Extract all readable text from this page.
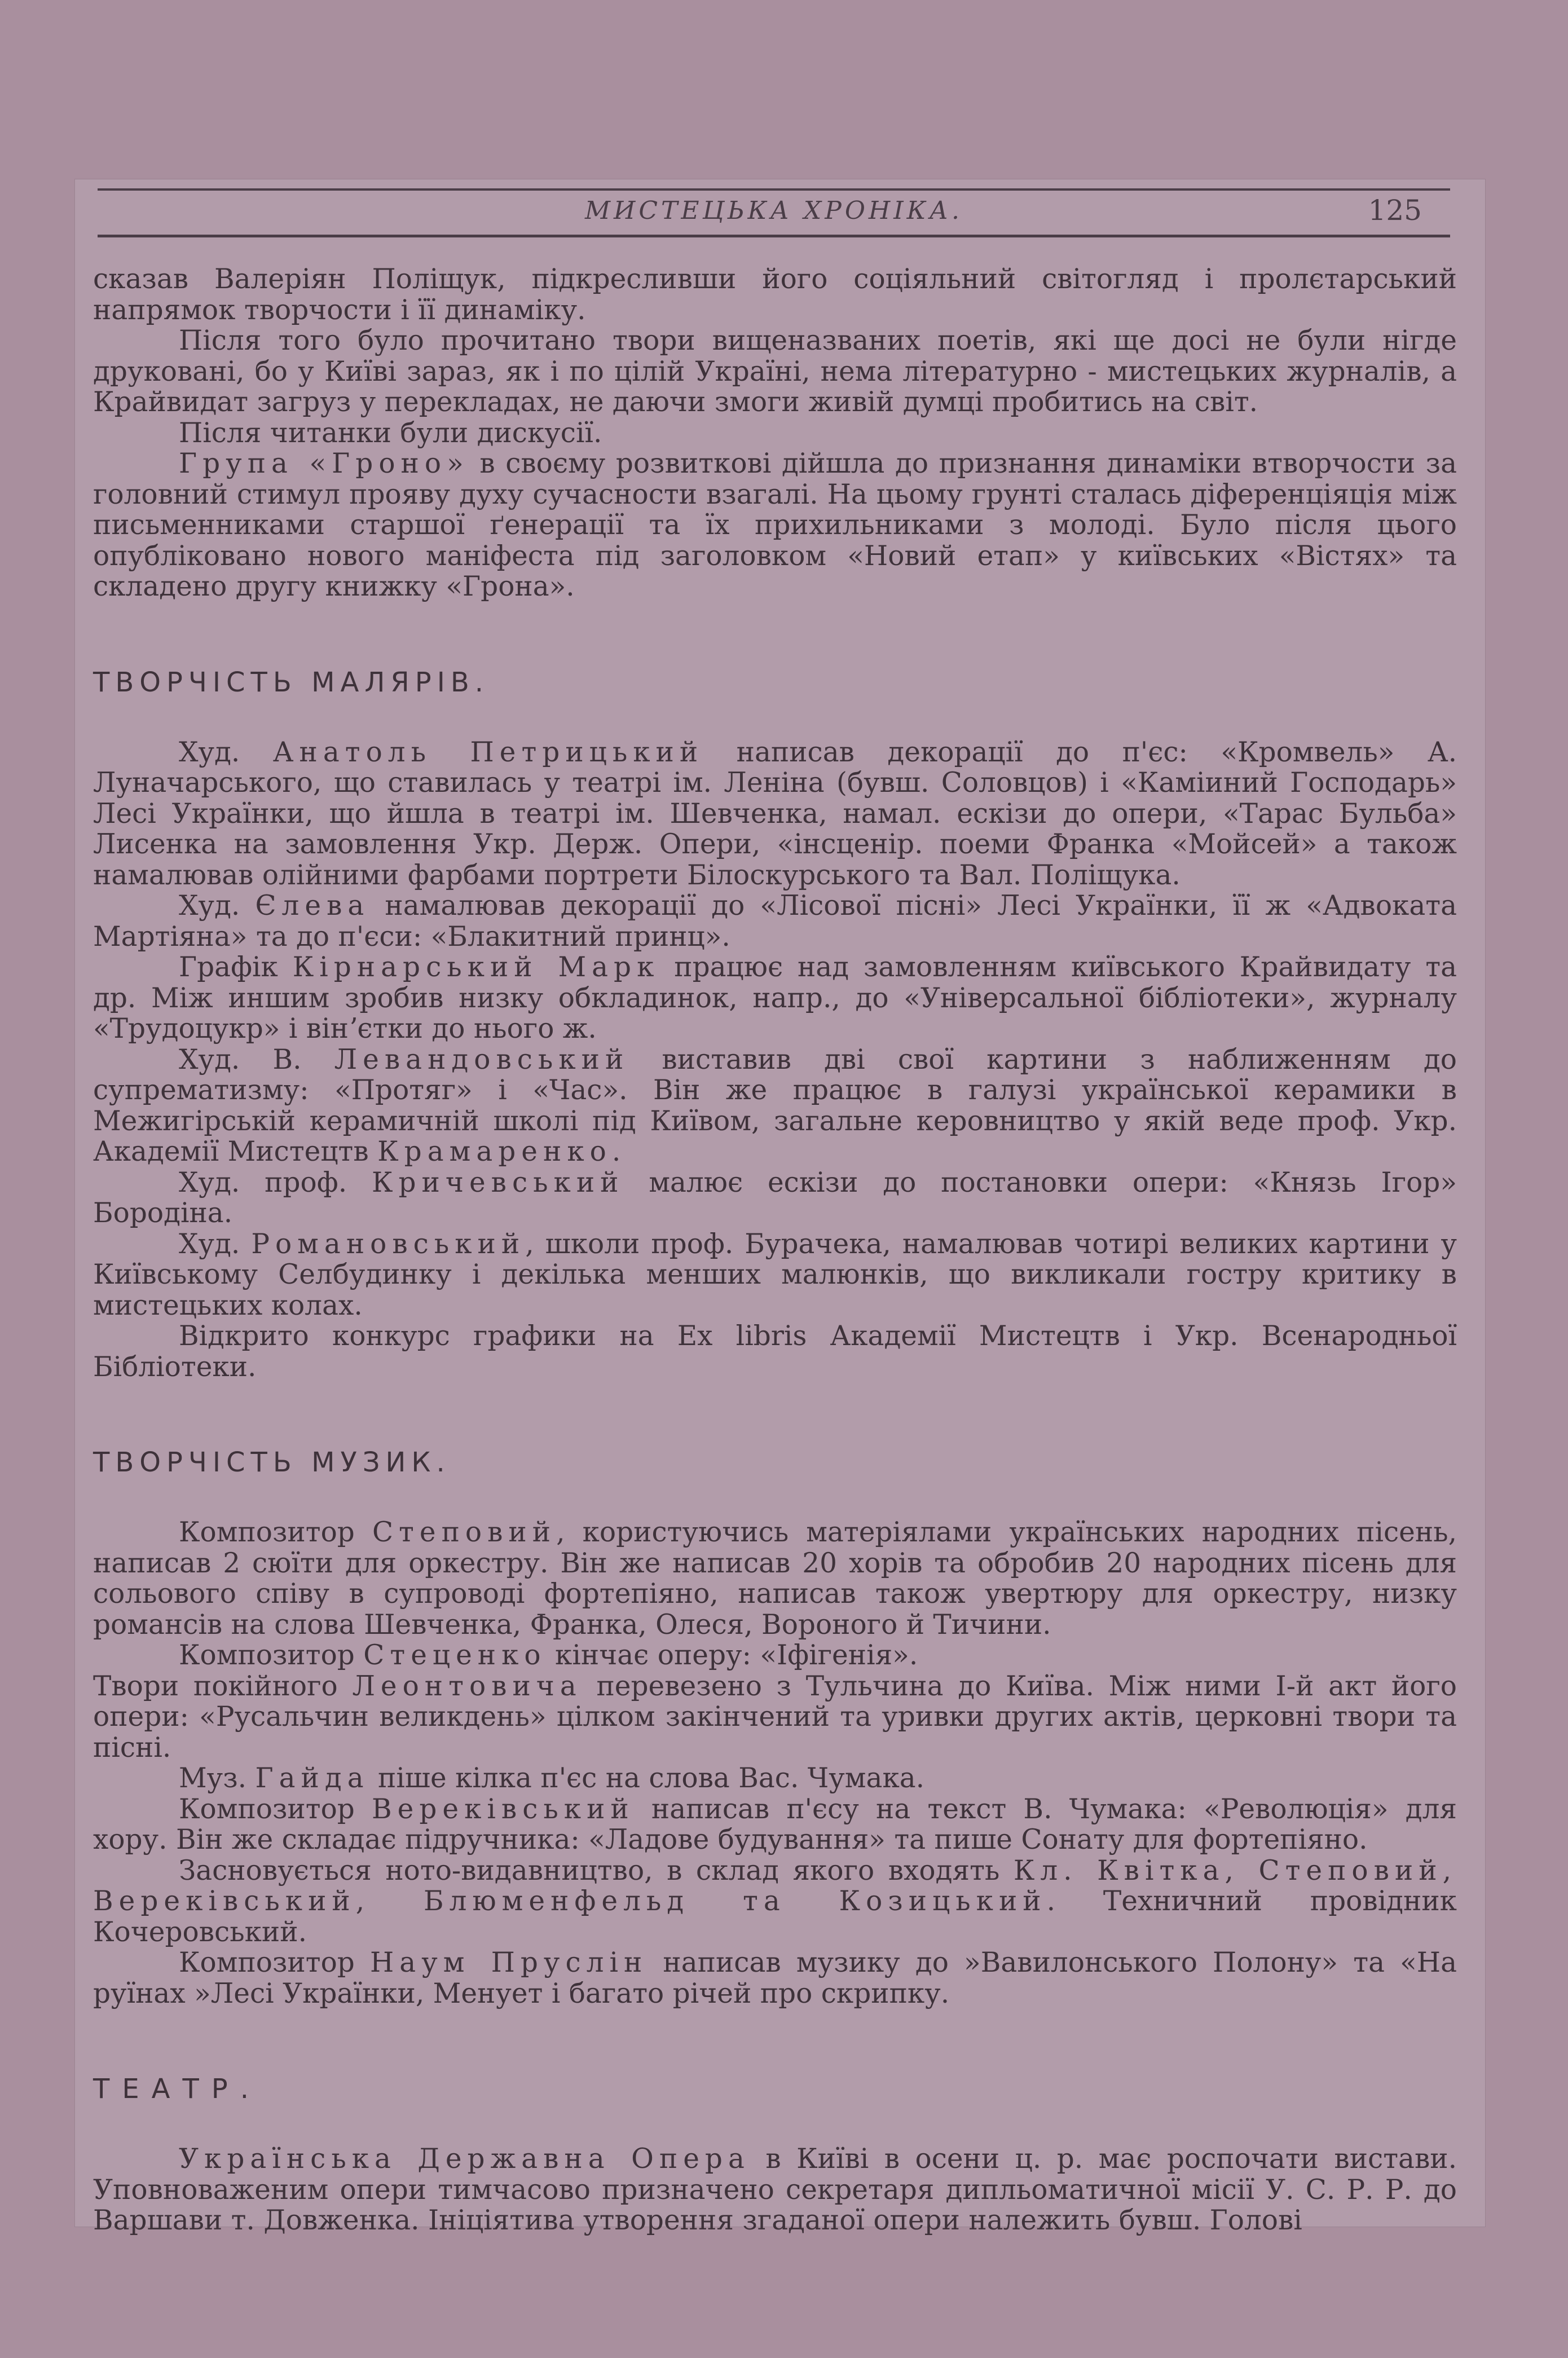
МИСТЕЦЬКА ХРОНІКА.	125

сказав Валеріян Поліщук, підкресливши його соціяльний світогляд і пролєтарський напрямок творчости і її динаміку.

Після того було прочитано твори вищеназваних поетів, які ще досі не були нігде друковані, бо у Київі зараз, як і по цілій Україні, нема літературно - мистецьких журналів, а Крайвидат загруз у перекладах, не даючи змоги живій думці пробитись на світ.

Після читанки були дискусії.

Група «Гроно» в своєму розвиткові дійшла до признання динаміки втворчости за головний стимул прояву духу сучасности взагалі. На цьому грунті сталась діференціяція між письменниками старшої ґенерації та їх прихильниками з молоді. Було після цього опубліковано нового маніфеста під заголовком «Новий етап» у київських «Вістях» та складено другу книжку «Грона».

ТВОРЧІСТЬ МАЛЯРІВ.

Худ. Анатоль Петрицький написав декорації до п'єс: «Кромвель» А. Луначарського, що ставилась у театрі ім. Леніна (бувш. Соловцов) і «Каміиний Господарь» Лесі Українки, що йшла в театрі ім. Шевченка, намал. ескізи до опери, «Тарас Бульба» Лисенка на замовлення Укр. Держ. Опери, «інсценір. поеми Франка «Мойсей» а також намалював олійними фарбами портрети Білоскурського та Вал. Поліщука.

Худ. Єлева намалював декорації до «Лісової пісні» Лесі Українки, її ж «Адвоката Мартіяна» та до п'єси: «Блакитний принц».

Графік Кірнарський Марк працює над замовленням київського Крайвидату та др. Між иншим зробив низку обкладинок, напр., до «Універсальної бібліотеки», журналу «Трудоцукр» і вінʼєтки до нього ж.

Худ. В. Левандовський виставив дві свої картини з наближенням до супрематизму: «Протяг» і «Час». Він же працює в галузі української керамики в Межигірській керамичній школі під Київом, загальне керовництво у якій веде проф. Укр. Академії Мистецтв Крамаренко.

Худ. проф. Кричевський малює ескізи до постановки опери: «Князь Ігор» Бородіна.

Худ. Романовський, школи проф. Бурачека, намалював чотирі великих картини у Київському Селбудинку і декілька менших малюнків, що викликали гостру критику в мистецьких колах.

Відкрито конкурс графики на Ex libris Академії Мистецтв і Укр. Всенародньої Бібліотеки.

ТВОРЧІСТЬ МУЗИК.

Композитор Степовий, користуючись матеріялами українських народних пісень, написав 2 сюїти для оркестру. Він же написав 20 хорів та обробив 20 народних пісень для сольового співу в супроводі фортепіяно, написав також увертюру для оркестру, низку романсів на слова Шевченка, Франка, Олеся, Вороного й Тичини.

Композитор Стеценко кінчає оперу: «Іфігенія».

Твори покійного Леонтовича перевезено з Тульчина до Київа. Між ними І-й акт його опери: «Русальчин великдень» цілком закінчений та уривки других актів, церковні твори та пісні.

Муз. Гайда піше кілка п'єс на слова Вас. Чумака.

Композитор Вереківський написав п'єсу на текст В. Чумака: «Революція» для хору. Він же складає підручника: «Ладове будування» та пише Сонату для фортепіяно.

Засновується ното-видавництво, в склад якого входять Кл. Квітка, Степовий, Вереківський, Блюменфельд та Козицький. Техничний провідник Кочеровський.

Композитор Наум Пруслін написав музику до »Вавилонського Полону» та «На руїнах »Лесі Українки, Менует і багато річей про скрипку.

ТЕАТР.

Українська Державна Опера в Київі в осени ц. р. має роспочати вистави. Уповноваженим опери тимчасово призначено секретаря дипльоматичної місії У. С. Р. Р. до Варшави т. Довженка. Ініціятива утворення згаданої опери належить бувш. Голові
